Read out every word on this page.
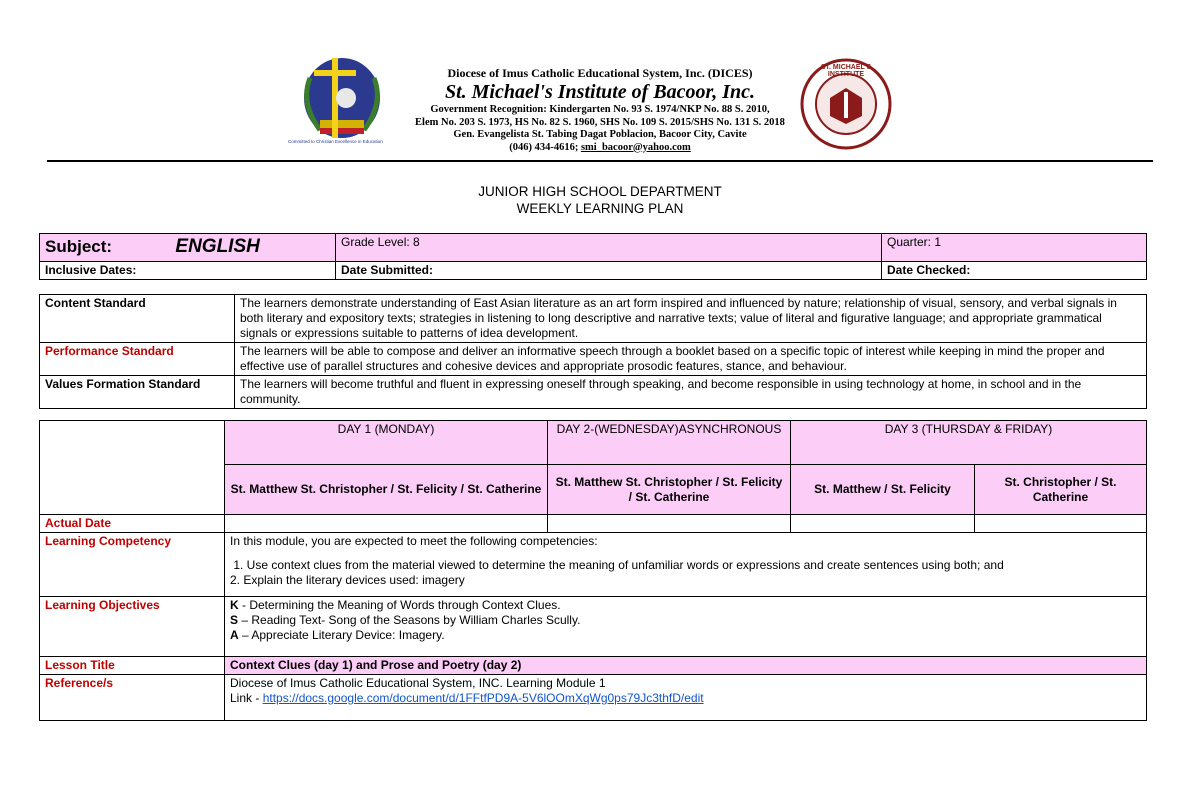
Committed to Christian Excellence in Education
Diocese of Imus Catholic Educational System, Inc. (DICES)
St. Michael's Institute of Bacoor, Inc.
Government Recognition: Kindergarten No. 93 S. 1974/NKP No. 88 S. 2010,
Elem No. 203 S. 1973, HS No. 82 S. 1960, SHS No. 109 S. 2015/SHS No. 131 S. 2018
Gen. Evangelista St. Tabing Dagat Poblacion, Bacoor City, Cavite
(046) 434-4616; smi_bacoor@yahoo.com
ST. MICHAEL'S INSTITUTE
JUNIOR HIGH SCHOOL DEPARTMENT
WEEKLY LEARNING PLAN
Subject: ENGLISH	Grade Level: 8	Quarter: 1
Inclusive Dates:	Date Submitted:	Date Checked:
Content Standard	The learners demonstrate understanding of East Asian literature as an art form inspired and influenced by nature; relationship of visual, sensory, and verbal signals in both literary and expository texts; strategies in listening to long descriptive and narrative texts; value of literal and figurative language; and appropriate grammatical signals or expressions suitable to patterns of idea development.
Performance Standard	The learners will be able to compose and deliver an informative speech through a booklet based on a specific topic of interest while keeping in mind the proper and effective use of parallel structures and cohesive devices and appropriate prosodic features, stance, and behaviour.
Values Formation Standard	The learners will become truthful and fluent in expressing oneself through speaking, and become responsible in using technology at home, in school and in the community.
	DAY 1 (MONDAY)	DAY 2-(WEDNESDAY)ASYNCHRONOUS	DAY 3 (THURSDAY & FRIDAY)	
	St. Matthew St. Christopher / St. Felicity / St. Catherine	St. Matthew St. Christopher / St. Felicity / St. Catherine	St. Matthew / St. Felicity	St. Christopher / St. Catherine
Actual Date				
Learning Competency	In this module, you are expected to meet the following competencies:
1. Use context clues from the material viewed to determine the meaning of unfamiliar words or expressions and create sentences using both; and
2. Explain the literary devices used: imagery			

Learning Objectives	K - Determining the Meaning of Words through Context Clues.
S – Reading Text- Song of the Seasons by William Charles Scully.
A – Appreciate Literary Device: Imagery.			

Lesson Title	Context Clues (day 1) and Prose and Poetry (day 2)			
Reference/s	Diocese of Imus Catholic Educational System, INC. Learning Module 1
Link - https://docs.google.com/document/d/1FFtfPD9A-5V6lOOmXqWg0ps79Jc3thfD/edit			
